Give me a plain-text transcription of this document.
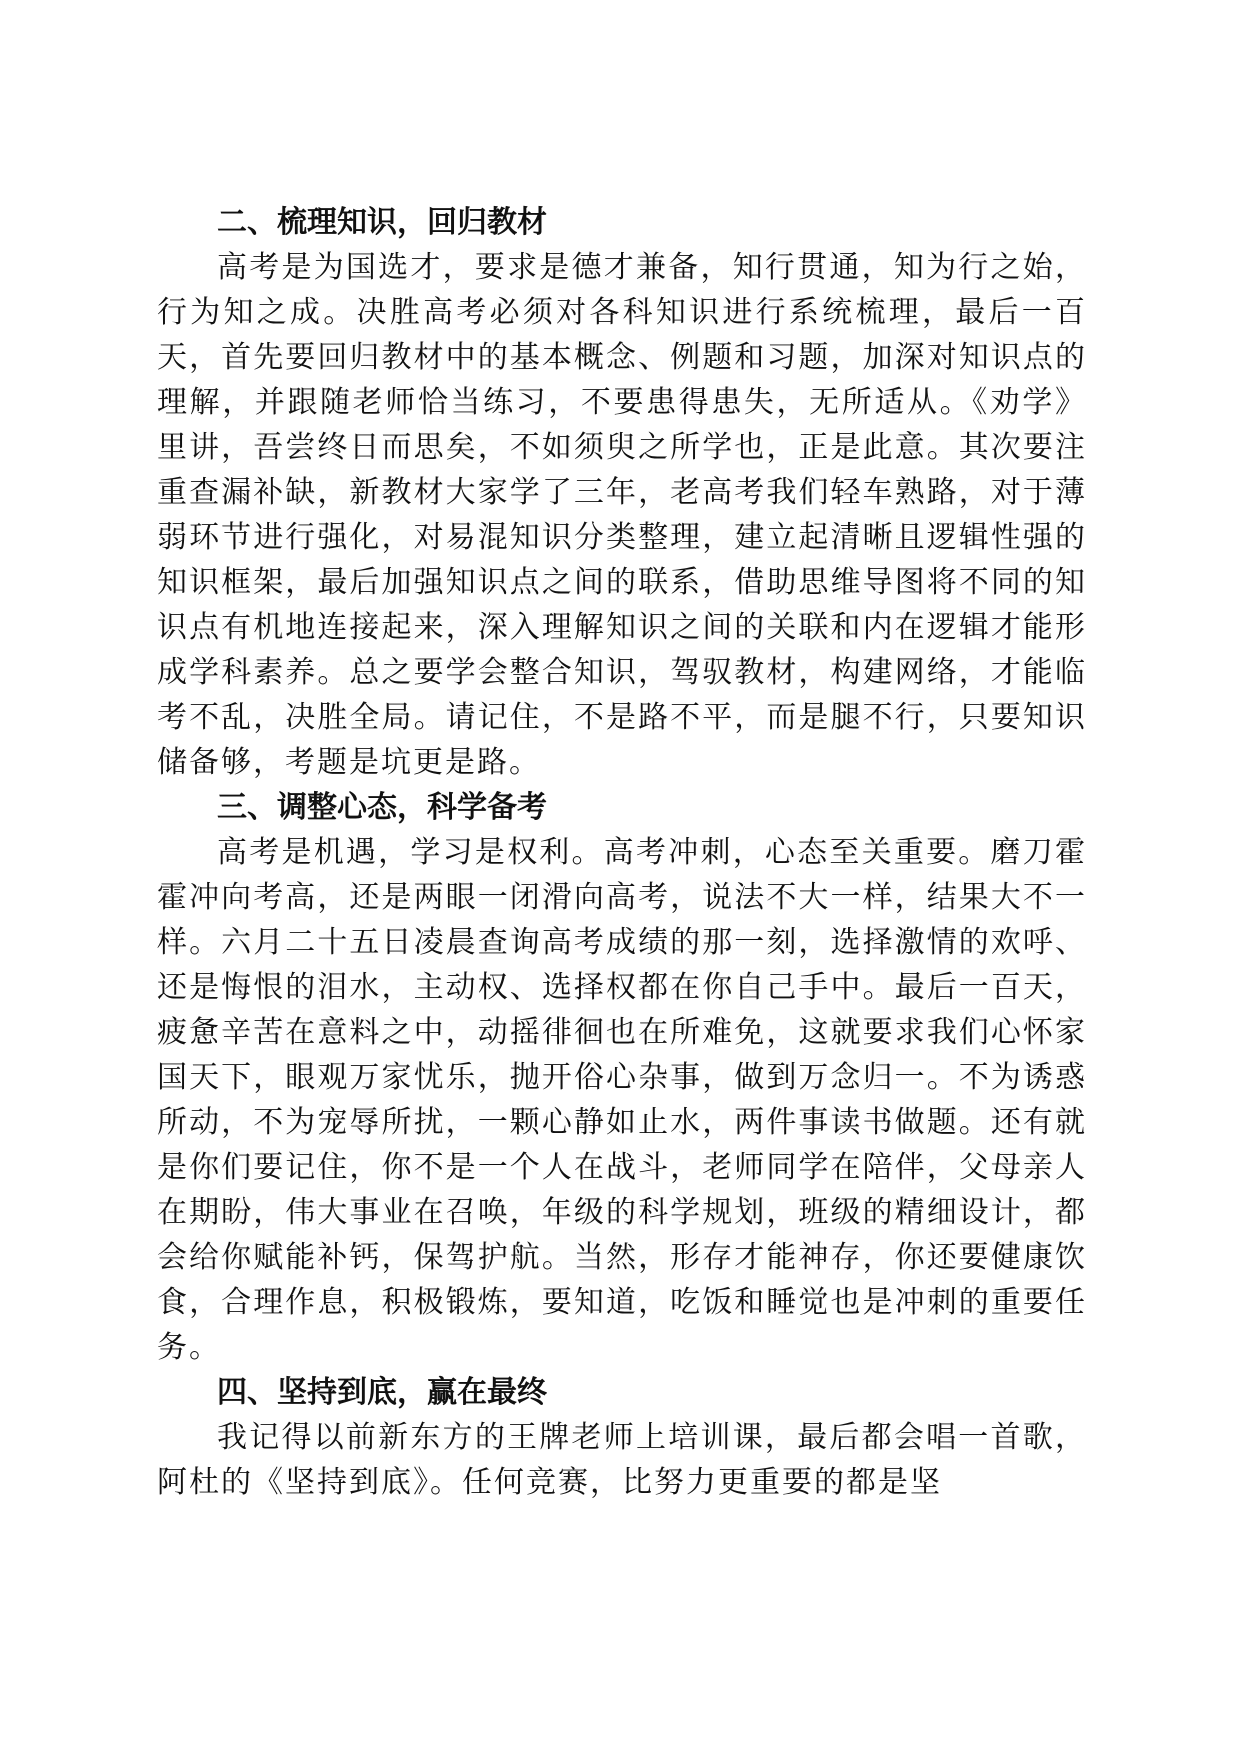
二、梳理知识，回归教材

高考是为国选才，要求是德才兼备，知行贯通，知为行之始，行为知之成。决胜高考必须对各科知识进行系统梳理，最后一百天，首先要回归教材中的基本概念、例题和习题，加深对知识点的理解，并跟随老师恰当练习，不要患得患失，无所适从。《劝学》里讲，吾尝终日而思矣，不如须臾之所学也，正是此意。其次要注重查漏补缺，新教材大家学了三年，老高考我们轻车熟路，对于薄弱环节进行强化，对易混知识分类整理，建立起清晰且逻辑性强的知识框架，最后加强知识点之间的联系，借助思维导图将不同的知识点有机地连接起来，深入理解知识之间的关联和内在逻辑才能形成学科素养。总之要学会整合知识，驾驭教材，构建网络，才能临考不乱，决胜全局。请记住，不是路不平，而是腿不行，只要知识储备够，考题是坑更是路。

三、调整心态，科学备考

高考是机遇，学习是权利。高考冲刺，心态至关重要。磨刀霍霍冲向考高，还是两眼一闭滑向高考，说法不大一样，结果大不一样。六月二十五日凌晨查询高考成绩的那一刻，选择激情的欢呼、还是悔恨的泪水，主动权、选择权都在你自己手中。最后一百天，疲惫辛苦在意料之中，动摇徘徊也在所难免，这就要求我们心怀家国天下，眼观万家忧乐，抛开俗心杂事，做到万念归一。不为诱惑所动，不为宠辱所扰，一颗心静如止水，两件事读书做题。还有就是你们要记住，你不是一个人在战斗，老师同学在陪伴，父母亲人在期盼，伟大事业在召唤，年级的科学规划，班级的精细设计，都会给你赋能补钙，保驾护航。当然，形存才能神存，你还要健康饮食，合理作息，积极锻炼，要知道，吃饭和睡觉也是冲刺的重要任务。

四、坚持到底，赢在最终

我记得以前新东方的王牌老师上培训课，最后都会唱一首歌，阿杜的《坚持到底》。任何竞赛，比努力更重要的都是坚
